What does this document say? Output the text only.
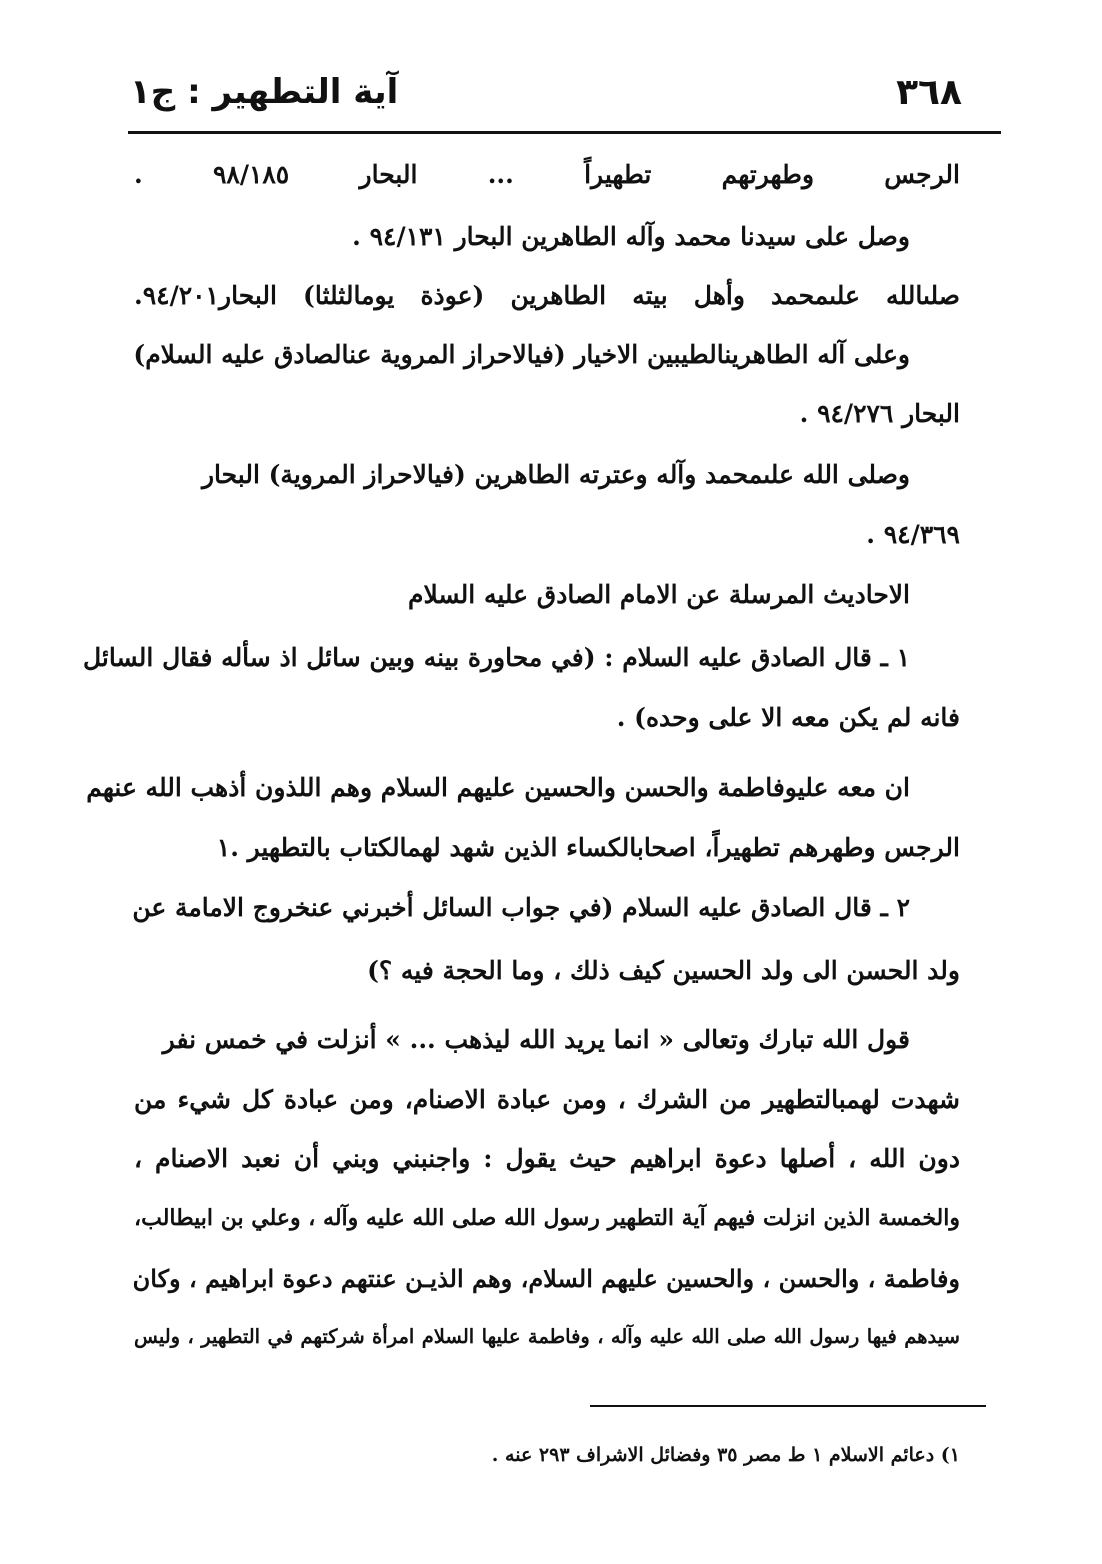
٣٦٨
آية التطهير : ج١
الرجس وطهرتهم تطهيراً ... البحار ٩٨/١٨٥ .
وصل على سيدنا محمد وآله الطاهرين البحار ٩٤/١٣١ .
صلىالله علىمحمد وأهل بيته الطاهرين (عوذة يومالثلثا) البحار٩٤/٢٠١.
وعلى آله الطاهرينالطيبين الاخيار (فيالاحراز المروية عنالصادق عليه السلام)
البحار ٩٤/٢٧٦ .
وصلى الله علىمحمد وآله وعترته الطاهرين (فيالاحراز المروية) البحار
٩٤/٣٦٩ .
الاحاديث المرسلة عن الامام الصادق عليه السلام
١ ـ قال الصادق عليه السلام : (في محاورة بينه وبين سائل اذ سأله فقال السائل
فانه لم يكن معه الا على وحده) .
ان معه عليوفاطمة والحسن والحسين عليهم السلام وهم اللذون أذهب الله عنهم
الرجس وطهرهم تطهيراً، اصحابالكساء الذين شهد لهمالكتاب بالتطهير .١
٢ ـ قال الصادق عليه السلام (في جواب السائل أخبرني عنخروج الامامة عن
ولد الحسن الى ولد الحسين كيف ذلك ، وما الحجة فيه ؟)
قول الله تبارك وتعالى « انما يريد الله ليذهب ... » أنزلت في خمس نفر
شهدت لهمبالتطهير من الشرك ، ومن عبادة الاصنام، ومن عبادة كل شيء من
دون الله ، أصلها دعوة ابراهيم حيث يقول : واجنبني وبني أن نعبد الاصنام ،
والخمسة الذين انزلت فيهم آية التطهير رسول الله صلى الله عليه وآله ، وعلي بن ابيطالب،
وفاطمة ، والحسن ، والحسين عليهم السلام، وهم الذيـن عنتهم دعوة ابراهيم ، وكان
سيدهم فيها رسول الله صلى الله عليه وآله ، وفاطمة عليها السلام امرأة شركتهم في التطهير ، وليس
١) دعائم الاسلام ١ ط مصر ٣٥ وفضائل الاشراف ٢٩٣ عنه .
